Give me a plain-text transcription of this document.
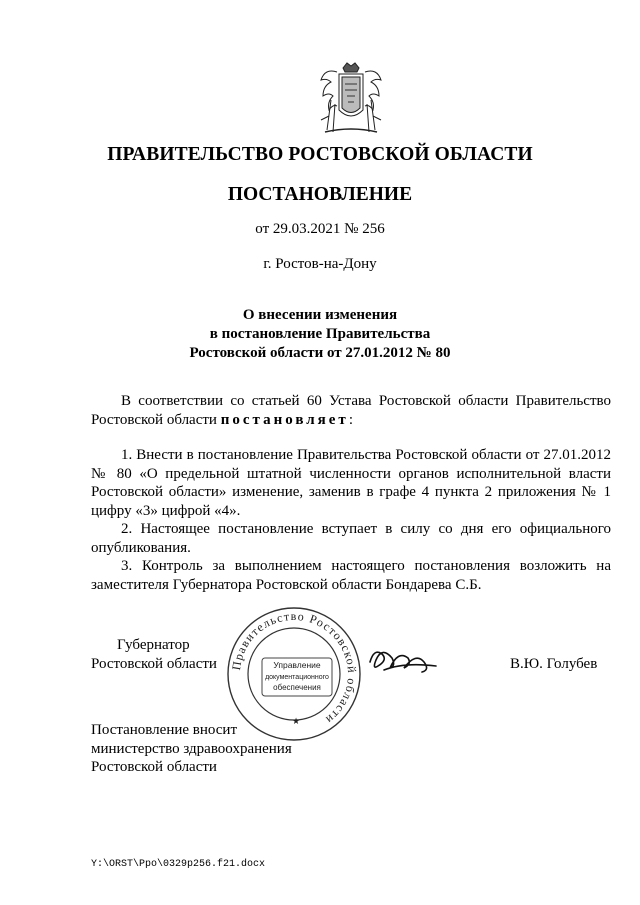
ПРАВИТЕЛЬСТВО РОСТОВСКОЙ ОБЛАСТИ
ПОСТАНОВЛЕНИЕ
от 29.03.2021 № 256
г. Ростов-на-Дону
О внесении изменения
в постановление Правительства
Ростовской области от 27.01.2012 № 80

В соответствии со статьей 60 Устава Ростовской области Правительство Ростовской области постановляет:

1. Внести в постановление Правительства Ростовской области от 27.01.2012 № 80 «О предельной штатной численности органов исполнительной власти Ростовской области» изменение, заменив в графе 4 пункта 2 приложения № 1 цифру «3» цифрой «4».

2. Настоящее постановление вступает в силу со дня его официального опубликования.

3. Контроль за выполнением настоящего постановления возложить на заместителя Губернатора Ростовской области Бондарева С.Б.

Губернатор
Ростовской области Правительство Ростовской области
Управление
документационного
обеспечения
★
В.Ю. Голубев
Постановление вносит
министерство здравоохранения
Ростовской области
Y:\ORST\Ppo\0329p256.f21.docx
